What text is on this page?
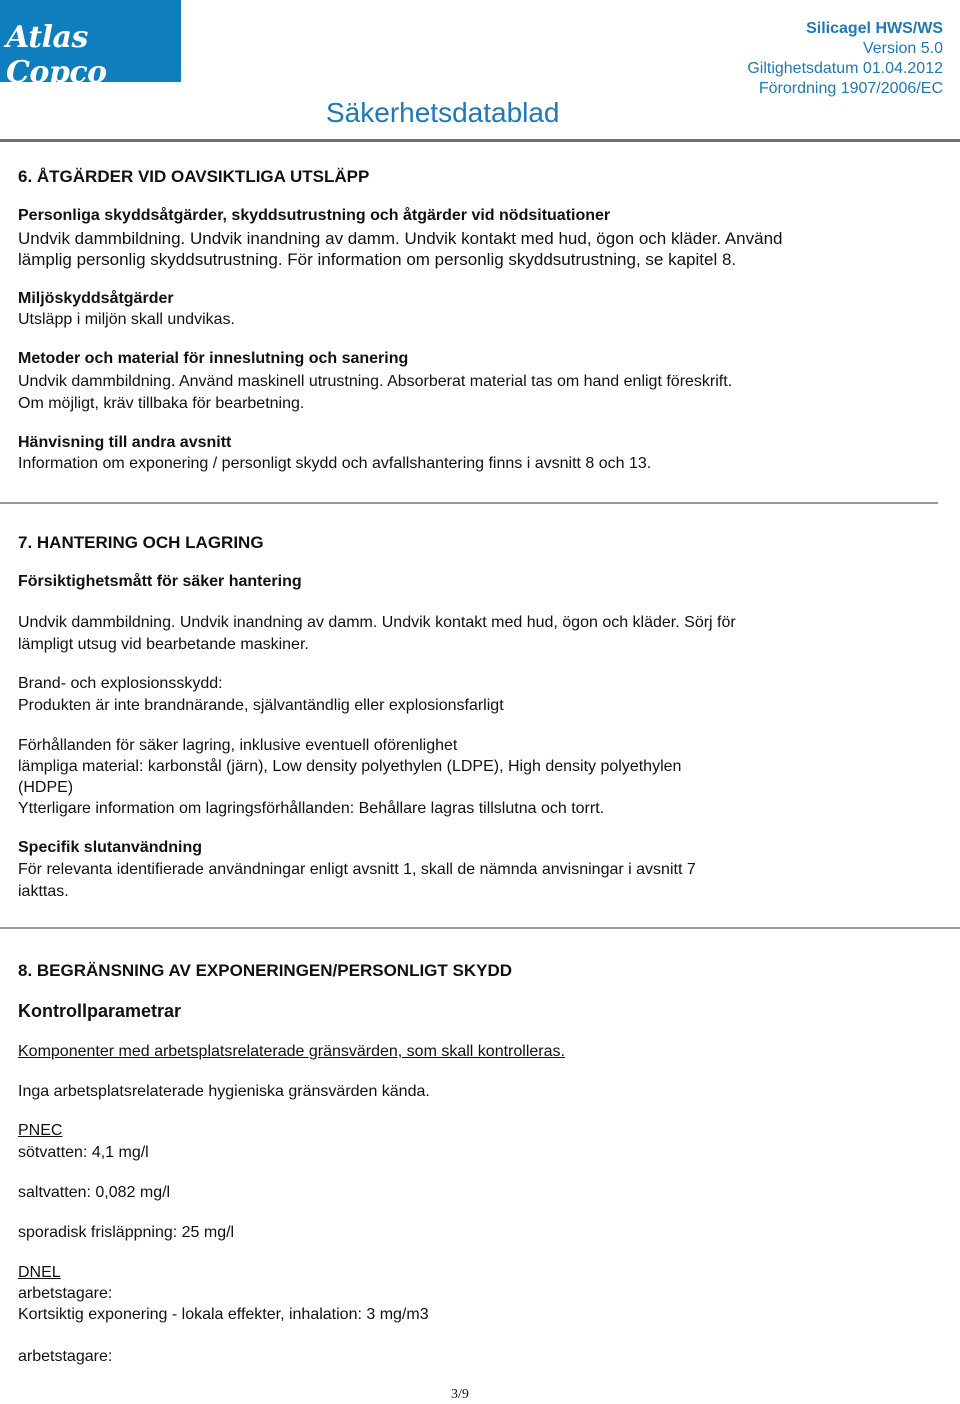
Atlas Copco
Säkerhetsdatablad
Silicagel HWS/WS
Version 5.0
Giltighetsdatum 01.04.2012
Förordning 1907/2006/EC
6. ÅTGÄRDER VID OAVSIKTLIGA UTSLÄPP
Personliga skyddsåtgärder, skyddsutrustning och åtgärder vid nödsituationer
Undvik dammbildning. Undvik inandning av damm. Undvik kontakt med hud, ögon och kläder. Använd
lämplig personlig skyddsutrustning. För information om personlig skyddsutrustning, se kapitel 8.
Miljöskyddsåtgärder
Utsläpp i miljön skall undvikas.
Metoder och material för inneslutning och sanering
Undvik dammbildning. Använd maskinell utrustning. Absorberat material tas om hand enligt föreskrift.
Om möjligt, kräv tillbaka för bearbetning.
Hänvisning till andra avsnitt
Information om exponering / personligt skydd och avfallshantering finns i avsnitt 8 och 13.
7. HANTERING OCH LAGRING
Försiktighetsmått för säker hantering
Undvik dammbildning. Undvik inandning av damm. Undvik kontakt med hud, ögon och kläder. Sörj för
lämpligt utsug vid bearbetande maskiner.
Brand- och explosionsskydd:
Produkten är inte brandnärande, självantändlig eller explosionsfarligt
Förhållanden för säker lagring, inklusive eventuell oförenlighet
lämpliga material: karbonstål (järn), Low density polyethylen (LDPE), High density polyethylen
(HDPE)
Ytterligare information om lagringsförhållanden: Behållare lagras tillslutna och torrt.
Specifik slutanvändning
För relevanta identifierade användningar enligt avsnitt 1, skall de nämnda anvisningar i avsnitt 7
iakttas.
8. BEGRÄNSNING AV EXPONERINGEN/PERSONLIGT SKYDD
Kontrollparametrar
Komponenter med arbetsplatsrelaterade gränsvärden, som skall kontrolleras.
Inga arbetsplatsrelaterade hygieniska gränsvärden kända.
PNEC
sötvatten: 4,1 mg/l
saltvatten: 0,082 mg/l
sporadisk frisläppning: 25 mg/l
DNEL
arbetstagare:
Kortsiktig exponering - lokala effekter, inhalation: 3 mg/m3
arbetstagare:
3/9
